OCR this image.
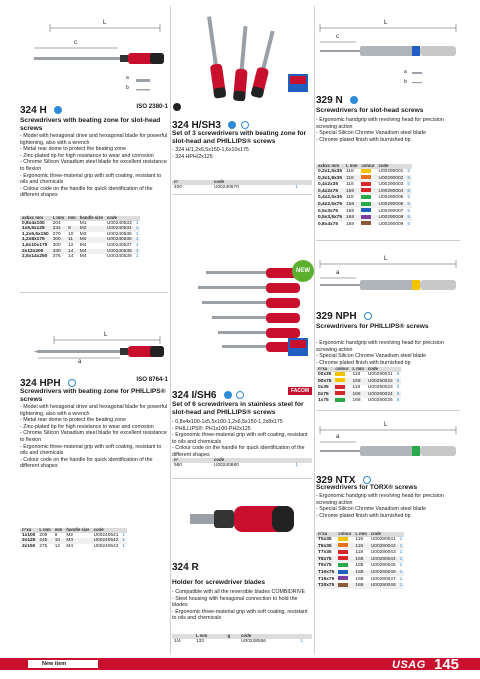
L
c
a
b
324 H	ISO 2380-1
Screwdrivers with beating zone for slot-head screws
- Model with hexagonal drive and hexagonal blade for powerful tightening, also with a wrench
- Metal rear dome to protect the beating zone
- Zinc-plated tip for high resistance to wear and corrosion
- Chrome Silicon Vanadium steel blade for excellent resistance to flexion
- Ergonomic three-material grip with soft coating, resistant to oils and chemicals
- Colour code on the handle for quick identification of the different shapes
axbxc mm	L mm	mm	handle size	code	
0,8x4x100	204		M1	U00240533	1
1x5,5x125	234	8	M2	U00240534	1
1,2x6,5x150	270	10	M3	U00240535	1
1,2x8x175	300	11	M4	U00240536	1
1,6x10x175	300	12	M4	U00240537	1
2x12x200	330	14	M4	U00240538	1
2,5x14x250	375	14	M4	U00240539	1
L
a
324 HPH	ISO 8764-1
Screwdrivers with beating zone for PHILLIPS® screws
- Model with hexagonal drive and hexagonal blade for powerful tightening, also with a wrench
- Metal rear dome to protect the beating zone
- Zinc-plated tip for high resistance to wear and corrosion
- Chrome Silicon Vanadium steel blade for excellent resistance to flexion
- Ergonomic three-material grip with soft coating, resistant to oils and chemicals
- Colour code on the handle for quick identification of the different shapes
n°xa	L mm	mm	handle size	code	
1x100	209	8	M2	U00240541	1
2x125	245	10	M3	U00240542	1
3x150	275	12	M4	U00240543	1
324 H/SH3
Set of 3 screwdrivers with beating zone for slot-head and PHILLIPS® screws
- 324 H/1,2x6,5x150-1,6x10x175
- 324 HPH/2x125
n°	code	
400	U00240670	1
NEW
324 I/SH6	FACOM
Set of 6 screwdrivers in stainless steel for slot-head and PHILLIPS® screws
- 0,8x4x100-1x5,5x100-1,2x6,5x150-1,2x8x175
- PHILLIPS®: PH1x100-PH2x125
- Ergonomic three-material grip with soft coating, resistant to oils and chemicals
- Colour code on the handle for quick identification of the different shapes
n°	code	
580	U00240680	1
324 R
Holder for screwdriver blades
- Compatible with all the reversible blades COMBIDRIVE
- Steel housing with hexagonal connection to hold the blades
- Ergonomic three-material grip with soft coating, resistant to oils and chemicals
	L mm	g	code	
1/4	133		U00248556	1
L
c
a
b
329 N
Screwdrivers for slot-head screws
- Ergonomic handgrip with revolving head for precision screwing action
- Special Silicon Chrome Vanadium steel blade
- Chrome plated finish with burnished tip
axbxc mm	L mm	colour	code	
0,2x1,5x35	118		U00290001	5
0,3x1,8x35	118		U00290002	5
0,4x2x35	118		U00290003	5
0,4x2x75	158		U00290004	5
0,4x2,5x35	118		U00290005	5
0,4x2,5x75	158		U00290006	5
0,5x3x75	158		U00290007	5
0,5x3,5x75	168		U00290008	5
0,8x4x75	168		U00290009	5
L
a
329 NPH
Screwdrivers for PHILLIPS® screws
- Ergonomic handgrip with revolving head for precision screwing action
- Special Silicon Chrome Vanadium steel blade
- Chrome plated finish with burnished tip
n°xa	colour	L mm	code	
00x35		118	U00290021	5
00x75		158	U00290022	5
0x35		118	U00290023	5
0x75		168	U00290024	5
1x75		168	U00290025	5
L
a
329 NTX
Screwdrivers for TORX® screws
- Ergonomic handgrip with revolving head for precision screwing action
- Special Silicon Chrome Vanadium steel blade
- Chrome plated finish with burnished tip
n°xa	colour	L mm	code	
T5x35		118	U00290041	1
T6x35		118	U00290042	1
T7x35		118	U00290043	1
T8x75		168	U00290044	1
T9x75		168	U00290045	1
T10x75		168	U00290046	1
T15x75		168	U00290047	1
T20x75		168	U00290048	1
New item	USAG 145
